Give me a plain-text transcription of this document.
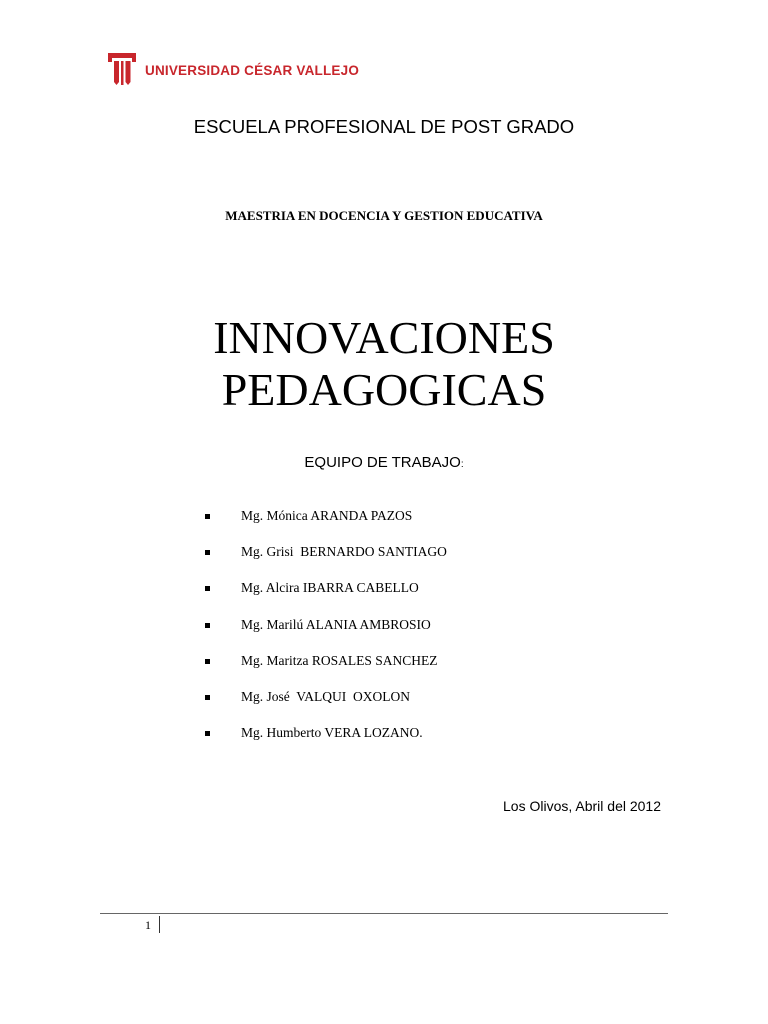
UNIVERSIDAD CÉSAR VALLEJO
ESCUELA PROFESIONAL DE POST GRADO
MAESTRIA EN DOCENCIA Y GESTION EDUCATIVA
INNOVACIONES
PEDAGOGICAS
EQUIPO DE TRABAJO:
Mg. Mónica ARANDA PAZOS
Mg. Grisi  BERNARDO SANTIAGO
Mg. Alcira IBARRA CABELLO
Mg. Marilú ALANIA AMBROSIO
Mg. Maritza ROSALES SANCHEZ
Mg. José  VALQUI  OXOLON
Mg. Humberto VERA LOZANO.
Los Olivos, Abril del 2012
1
